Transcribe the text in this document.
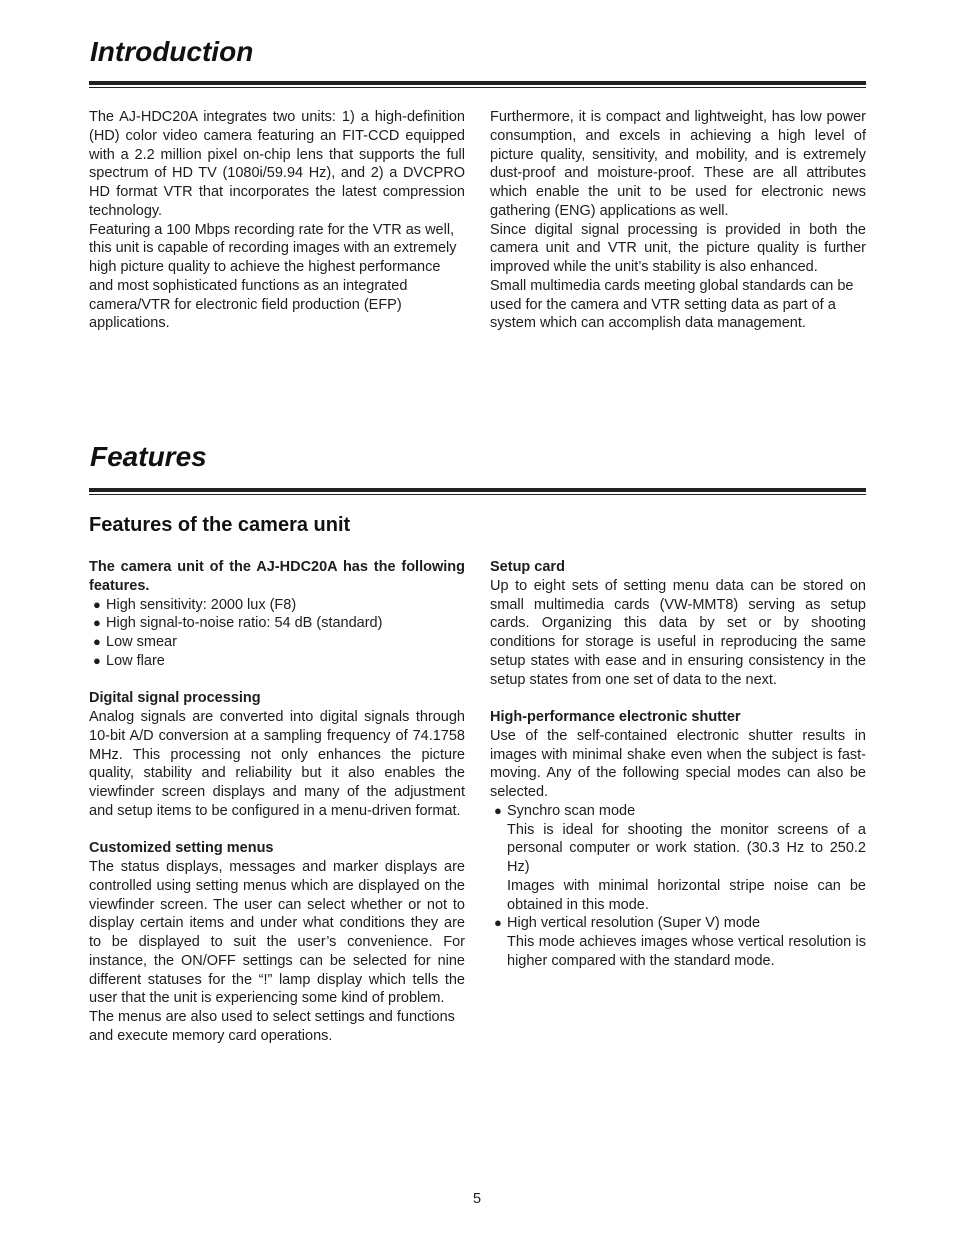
Introduction

The AJ-HDC20A integrates two units: 1) a high-definition (HD) color video camera featuring an FIT-CCD equipped with a 2.2 million pixel on-chip lens that supports the full spectrum of HD TV (1080i/59.94 Hz), and 2) a DVCPRO HD format VTR that incorporates the latest compression technology.

Featuring a 100 Mbps recording rate for the VTR as well, this unit is capable of recording images with an extremely high picture quality to achieve the highest performance and most sophisticated functions as an integrated camera/VTR for electronic field production (EFP) applications.

Furthermore, it is compact and lightweight, has low power consumption, and excels in achieving a high level of picture quality, sensitivity, and mobility, and is extremely dust-proof and moisture-proof. These are all attributes which enable the unit to be used for electronic news gathering (ENG) applications as well.

Since digital signal processing is provided in both the camera unit and VTR unit, the picture quality is further improved while the unit’s stability is also enhanced.

Small multimedia cards meeting global standards can be used for the camera and VTR setting data as part of a system which can accomplish data management.

Features
Features of the camera unit

The camera unit of the AJ-HDC20A has the following features.

● High sensitivity: 2000 lux (F8)
● High signal-to-noise ratio: 54 dB (standard)
● Low smear
● Low flare

Digital signal processing

Analog signals are converted into digital signals through 10-bit A/D conversion at a sampling frequency of 74.1758 MHz. This processing not only enhances the picture quality, stability and reliability but it also enables the viewfinder screen displays and many of the adjustment and setup items to be configured in a menu-driven format.

Customized setting menus

The status displays, messages and marker displays are controlled using setting menus which are displayed on the viewfinder screen. The user can select whether or not to display certain items and under what conditions they are to be displayed to suit the user’s convenience. For instance, the ON/OFF settings can be selected for nine different statuses for the “!” lamp display which tells the user that the unit is experiencing some kind of problem.

The menus are also used to select settings and functions and execute memory card operations.

Setup card

Up to eight sets of setting menu data can be stored on small multimedia cards (VW-MMT8) serving as setup cards. Organizing this data by set or by shooting conditions for storage is useful in reproducing the same setup states with ease and in ensuring consistency in the setup states from one set of data to the next.

High-performance electronic shutter

Use of the self-contained electronic shutter results in images with minimal shake even when the subject is fast-moving. Any of the following special modes can also be selected.

● Synchro scan mode

This is ideal for shooting the monitor screens of a personal computer or work station. (30.3 Hz to 250.2 Hz)

Images with minimal horizontal stripe noise can be obtained in this mode.

● High vertical resolution (Super V) mode

This mode achieves images whose vertical resolution is higher compared with the standard mode.

5
